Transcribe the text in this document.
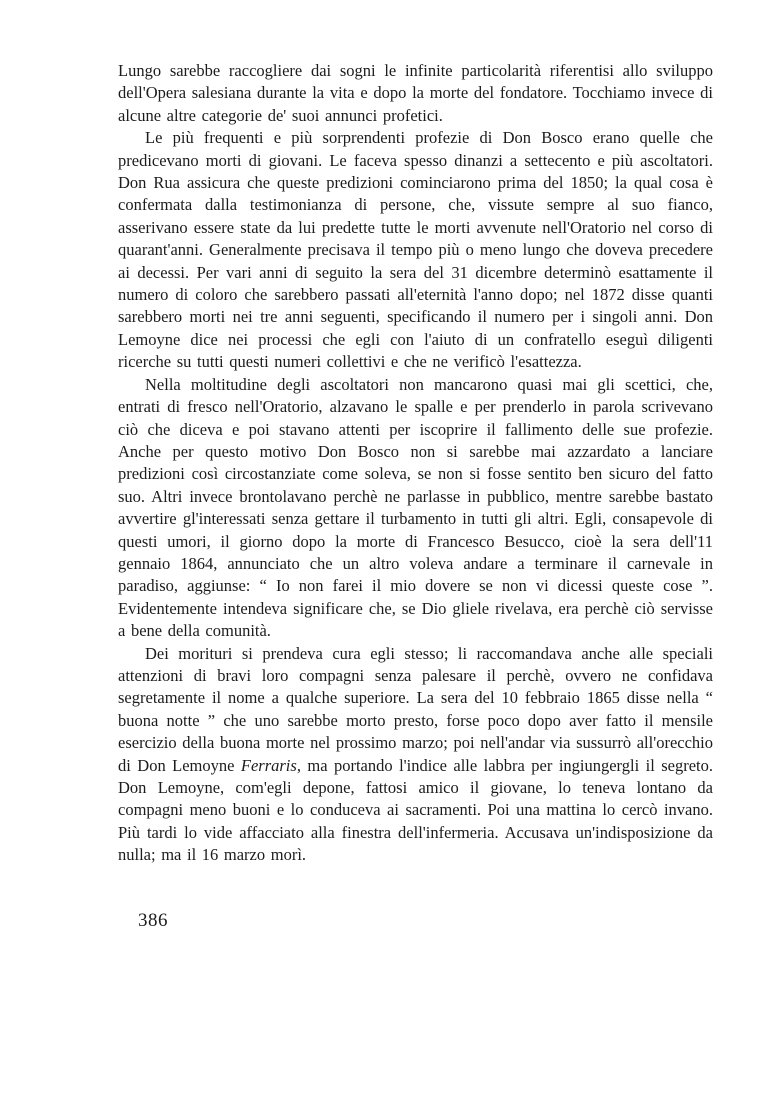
Lungo sarebbe raccogliere dai sogni le infinite particolarità riferentisi allo sviluppo dell'Opera salesiana durante la vita e dopo la morte del fondatore. Tocchiamo invece di alcune altre categorie de' suoi annunci profetici.

Le più frequenti e più sorprendenti profezie di Don Bosco erano quelle che predicevano morti di giovani. Le faceva spesso dinanzi a settecento e più ascoltatori. Don Rua assicura che queste predizioni cominciarono prima del 1850; la qual cosa è confermata dalla testimonianza di persone, che, vissute sempre al suo fianco, asserivano essere state da lui predette tutte le morti avvenute nell'Oratorio nel corso di quarant'anni. Generalmente precisava il tempo più o meno lungo che doveva precedere ai decessi. Per vari anni di seguito la sera del 31 dicembre determinò esattamente il numero di coloro che sarebbero passati all'eternità l'anno dopo; nel 1872 disse quanti sarebbero morti nei tre anni seguenti, specificando il numero per i singoli anni. Don Lemoyne dice nei processi che egli con l'aiuto di un confratello eseguì diligenti ricerche su tutti questi numeri collettivi e che ne verificò l'esattezza.

Nella moltitudine degli ascoltatori non mancarono quasi mai gli scettici, che, entrati di fresco nell'Oratorio, alzavano le spalle e per prenderlo in parola scrivevano ciò che diceva e poi stavano attenti per iscoprire il fallimento delle sue profezie. Anche per questo motivo Don Bosco non si sarebbe mai azzardato a lanciare predizioni così circostanziate come soleva, se non si fosse sentito ben sicuro del fatto suo. Altri invece brontolavano perchè ne parlasse in pubblico, mentre sarebbe bastato avvertire gl'interessati senza gettare il turbamento in tutti gli altri. Egli, consapevole di questi umori, il giorno dopo la morte di Francesco Besucco, cioè la sera dell'11 gennaio 1864, annunciato che un altro voleva andare a terminare il carnevale in paradiso, aggiunse: “ Io non farei il mio dovere se non vi dicessi queste cose ”. Evidentemente intendeva significare che, se Dio gliele rivelava, era perchè ciò servisse a bene della comunità.

Dei morituri si prendeva cura egli stesso; li raccomandava anche alle speciali attenzioni di bravi loro compagni senza palesare il perchè, ovvero ne confidava segretamente il nome a qualche superiore. La sera del 10 febbraio 1865 disse nella “ buona notte ” che uno sarebbe morto presto, forse poco dopo aver fatto il mensile esercizio della buona morte nel prossimo marzo; poi nell'andar via sussurrò all'orecchio di Don Lemoyne Ferraris, ma portando l'indice alle labbra per ingiungergli il segreto. Don Lemoyne, com'egli depone, fattosi amico il giovane, lo teneva lontano da compagni meno buoni e lo conduceva ai sacramenti. Poi una mattina lo cercò invano. Più tardi lo vide affacciato alla finestra dell'infermeria. Accusava un'indisposizione da nulla; ma il 16 marzo morì.

386
